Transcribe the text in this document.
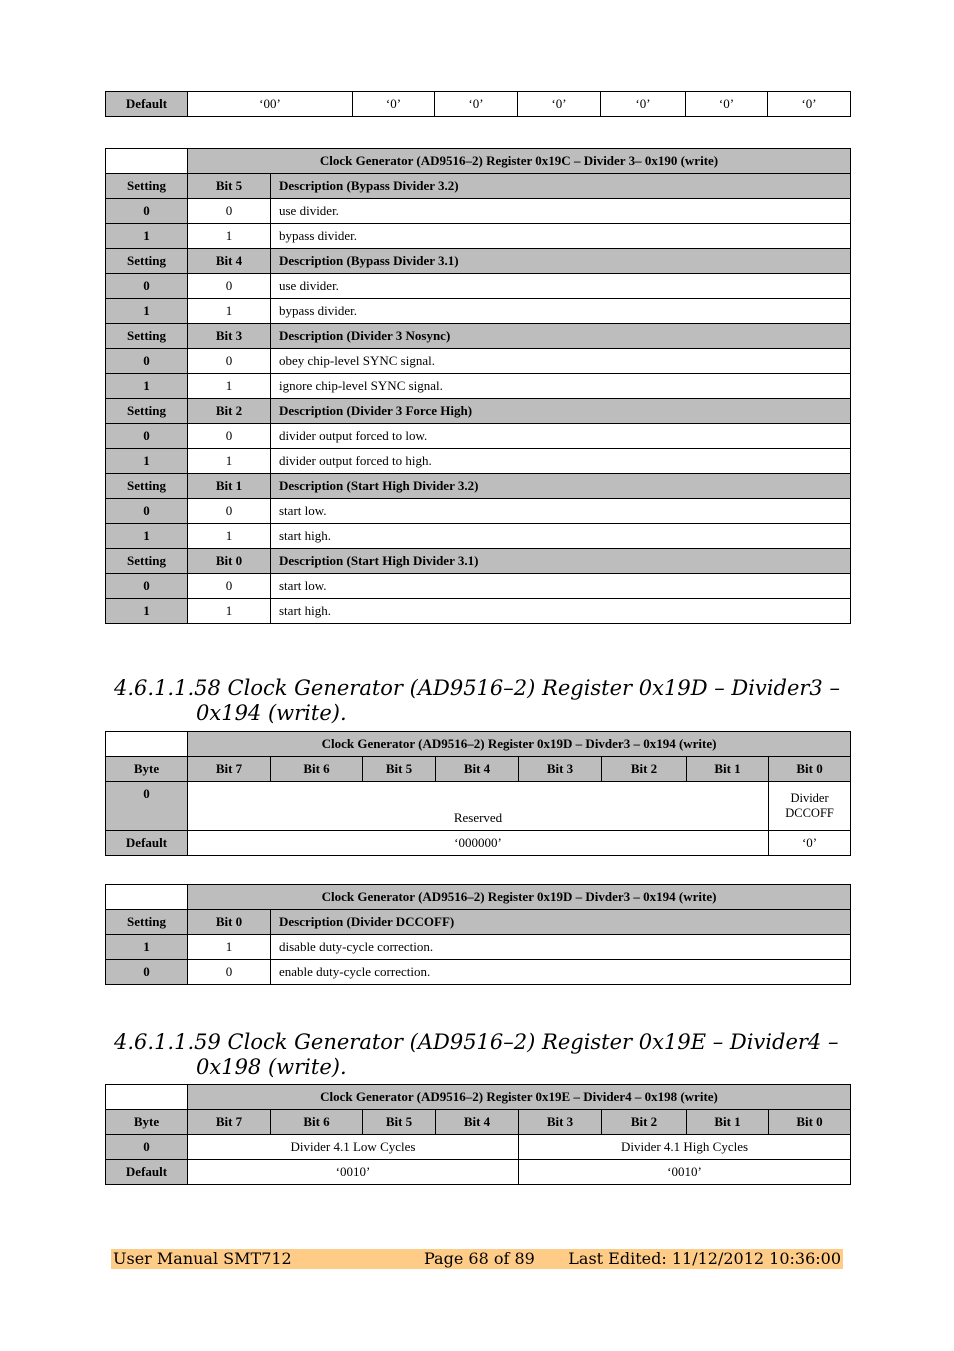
Default	‘00’	‘0’	‘0’	‘0’	‘0’	‘0’	‘0’
	Clock Generator (AD9516–2) Register 0x19C – Divider 3– 0x190 (write)	
Setting	Bit 5	Description (Bypass Divider 3.2)
0	0	use divider.
1	1	bypass divider.
Setting	Bit 4	Description (Bypass Divider 3.1)
0	0	use divider.
1	1	bypass divider.
Setting	Bit 3	Description (Divider 3 Nosync)
0	0	obey chip-level SYNC signal.
1	1	ignore chip-level SYNC signal.
Setting	Bit 2	Description (Divider 3 Force High)
0	0	divider output forced to low.
1	1	divider output forced to high.
Setting	Bit 1	Description (Start High Divider 3.2)
0	0	start low.
1	1	start high.
Setting	Bit 0	Description (Start High Divider 3.1)
0	0	start low.
1	1	start high.
4.6.1.1.58 Clock Generator (AD9516–2) Register 0x19D – Divider3 –
0x194 (write).
	Clock Generator (AD9516–2) Register 0x19D – Divder3 – 0x194 (write)							
Byte	Bit 7	Bit 6	Bit 5	Bit 4	Bit 3	Bit 2	Bit 1	Bit 0
0	Reserved							Divider
DCCOFF

Default	‘000000’							‘0’
	Clock Generator (AD9516–2) Register 0x19D – Divder3 – 0x194 (write)	
Setting	Bit 0	Description (Divider DCCOFF)
1	1	disable duty-cycle correction.
0	0	enable duty-cycle correction.
4.6.1.1.59 Clock Generator (AD9516–2) Register 0x19E – Divider4 –
0x198 (write).
	Clock Generator (AD9516–2) Register 0x19E – Divider4 – 0x198 (write)							
Byte	Bit 7	Bit 6	Bit 5	Bit 4	Bit 3	Bit 2	Bit 1	Bit 0
0	Divider 4.1 Low Cycles				Divider 4.1 High Cycles			
Default	‘0010’				‘0010’			
User Manual SMT712	Page 68 of 89 Last Edited: 11/12/2012 10:36:00
